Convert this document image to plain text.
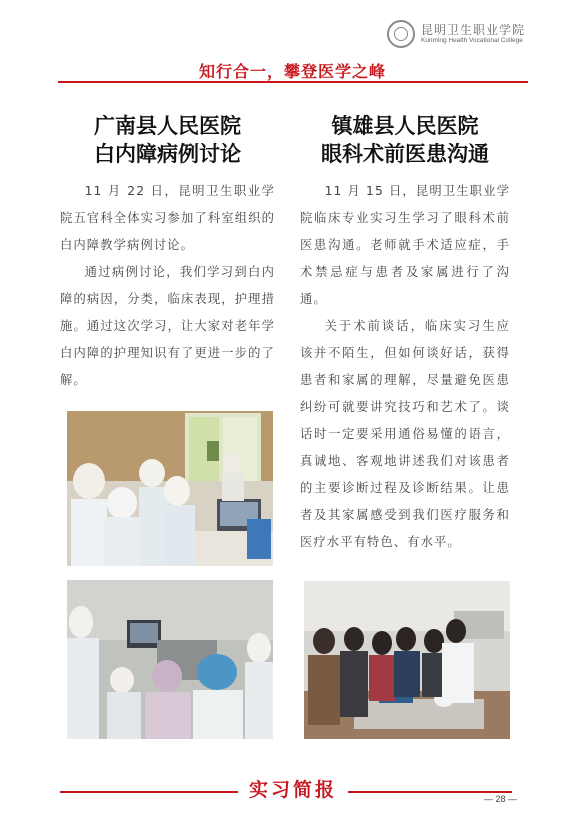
昆明卫生职业学院
Kunming Health Vocational College
知行合一，攀登医学之峰
广南县人民医院
白内障病例讨论

11 月 22 日，昆明卫生职业学院五官科全体实习参加了科室组织的白内障教学病例讨论。

通过病例讨论，我们学习到白内障的病因，分类，临床表现，护理措施。通过这次学习，让大家对老年学白内障的护理知识有了更进一步的了解。

镇雄县人民医院
眼科术前医患沟通

11 月 15 日，昆明卫生职业学院临床专业实习生学习了眼科术前医患沟通。老师就手术适应症，手术禁忌症与患者及家属进行了沟通。

关于术前谈话，临床实习生应该并不陌生，但如何谈好话，获得患者和家属的理解，尽量避免医患纠纷可就要讲究技巧和艺术了。谈话时一定要采用通俗易懂的语言，真诚地、客观地讲述我们对该患者的主要诊断过程及诊断结果。让患者及其家属感受到我们医疗服务和医疗水平有特色、有水平。

实习简报	— 28 —
